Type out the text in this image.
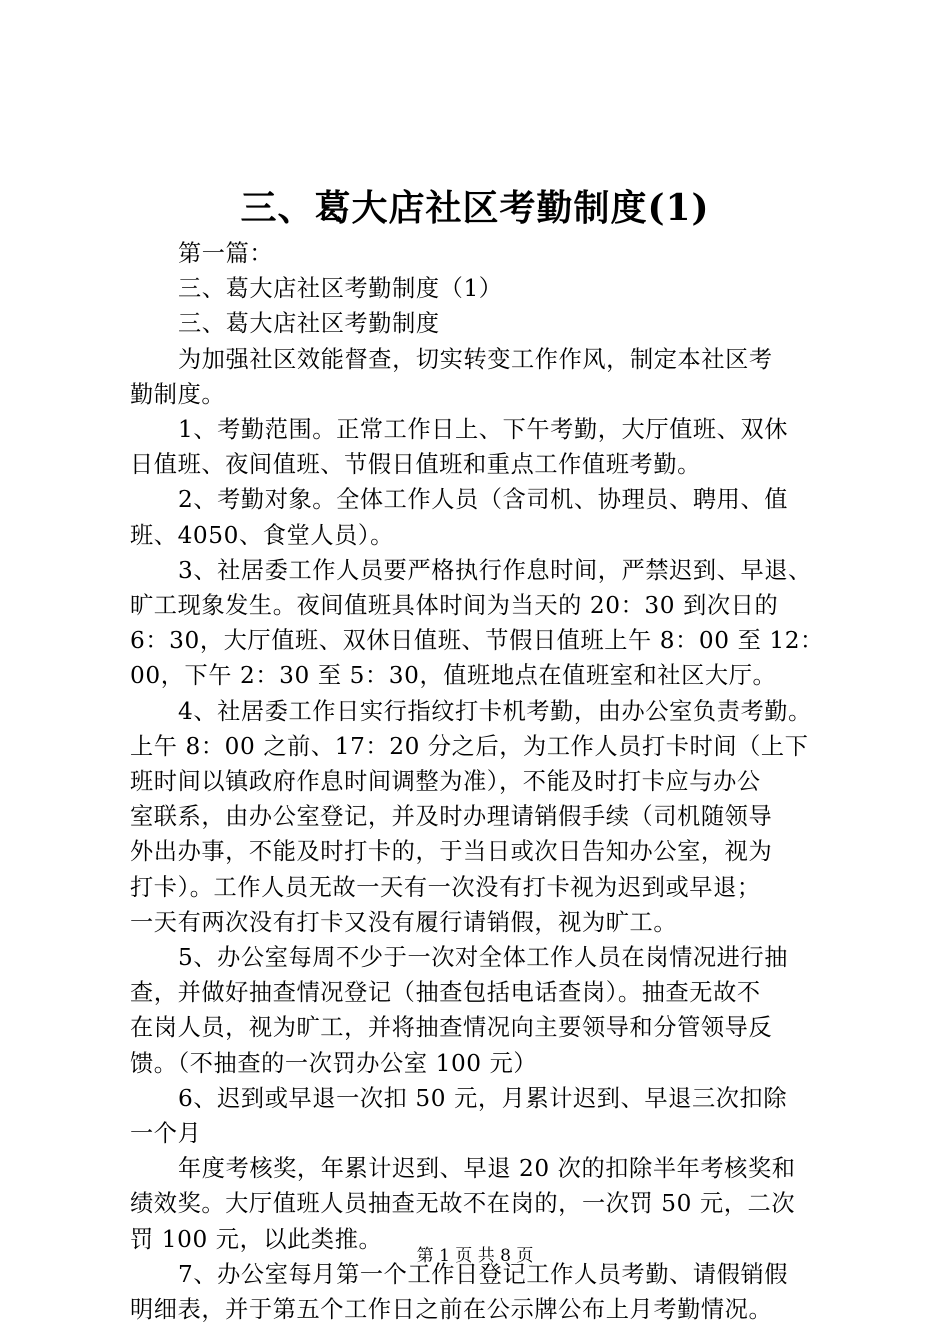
三、葛大店社区考勤制度(1)

第一篇：

三、葛大店社区考勤制度（1）

三、葛大店社区考勤制度

为加强社区效能督查，切实转变工作作风，制定本社区考

勤制度。

1、考勤范围。正常工作日上、下午考勤，大厅值班、双休

日值班、夜间值班、节假日值班和重点工作值班考勤。

2、考勤对象。全体工作人员（含司机、协理员、聘用、值

班、4050、食堂人员）。

3、社居委工作人员要严格执行作息时间，严禁迟到、早退、

旷工现象发生。夜间值班具体时间为当天的 20：30 到次日的

6：30，大厅值班、双休日值班、节假日值班上午 8：00 至 12：

00，下午 2：30 至 5：30，值班地点在值班室和社区大厅。

4、社居委工作日实行指纹打卡机考勤，由办公室负责考勤。

上午 8：00 之前、17：20 分之后，为工作人员打卡时间（上下

班时间以镇政府作息时间调整为准），不能及时打卡应与办公

室联系，由办公室登记，并及时办理请销假手续（司机随领导

外出办事，不能及时打卡的，于当日或次日告知办公室，视为

打卡）。工作人员无故一天有一次没有打卡视为迟到或早退；

一天有两次没有打卡又没有履行请销假，视为旷工。

5、办公室每周不少于一次对全体工作人员在岗情况进行抽

查，并做好抽查情况登记（抽查包括电话查岗）。抽查无故不

在岗人员，视为旷工，并将抽查情况向主要领导和分管领导反

馈。（不抽查的一次罚办公室 100 元）

6、迟到或早退一次扣 50 元，月累计迟到、早退三次扣除

一个月

年度考核奖，年累计迟到、早退 20 次的扣除半年考核奖和

绩效奖。大厅值班人员抽查无故不在岗的，一次罚 50 元，二次

罚 100 元，以此类推。

7、办公室每月第一个工作日登记工作人员考勤、请假销假

明细表，并于第五个工作日之前在公示牌公布上月考勤情况。

第 1 页 共 8 页
